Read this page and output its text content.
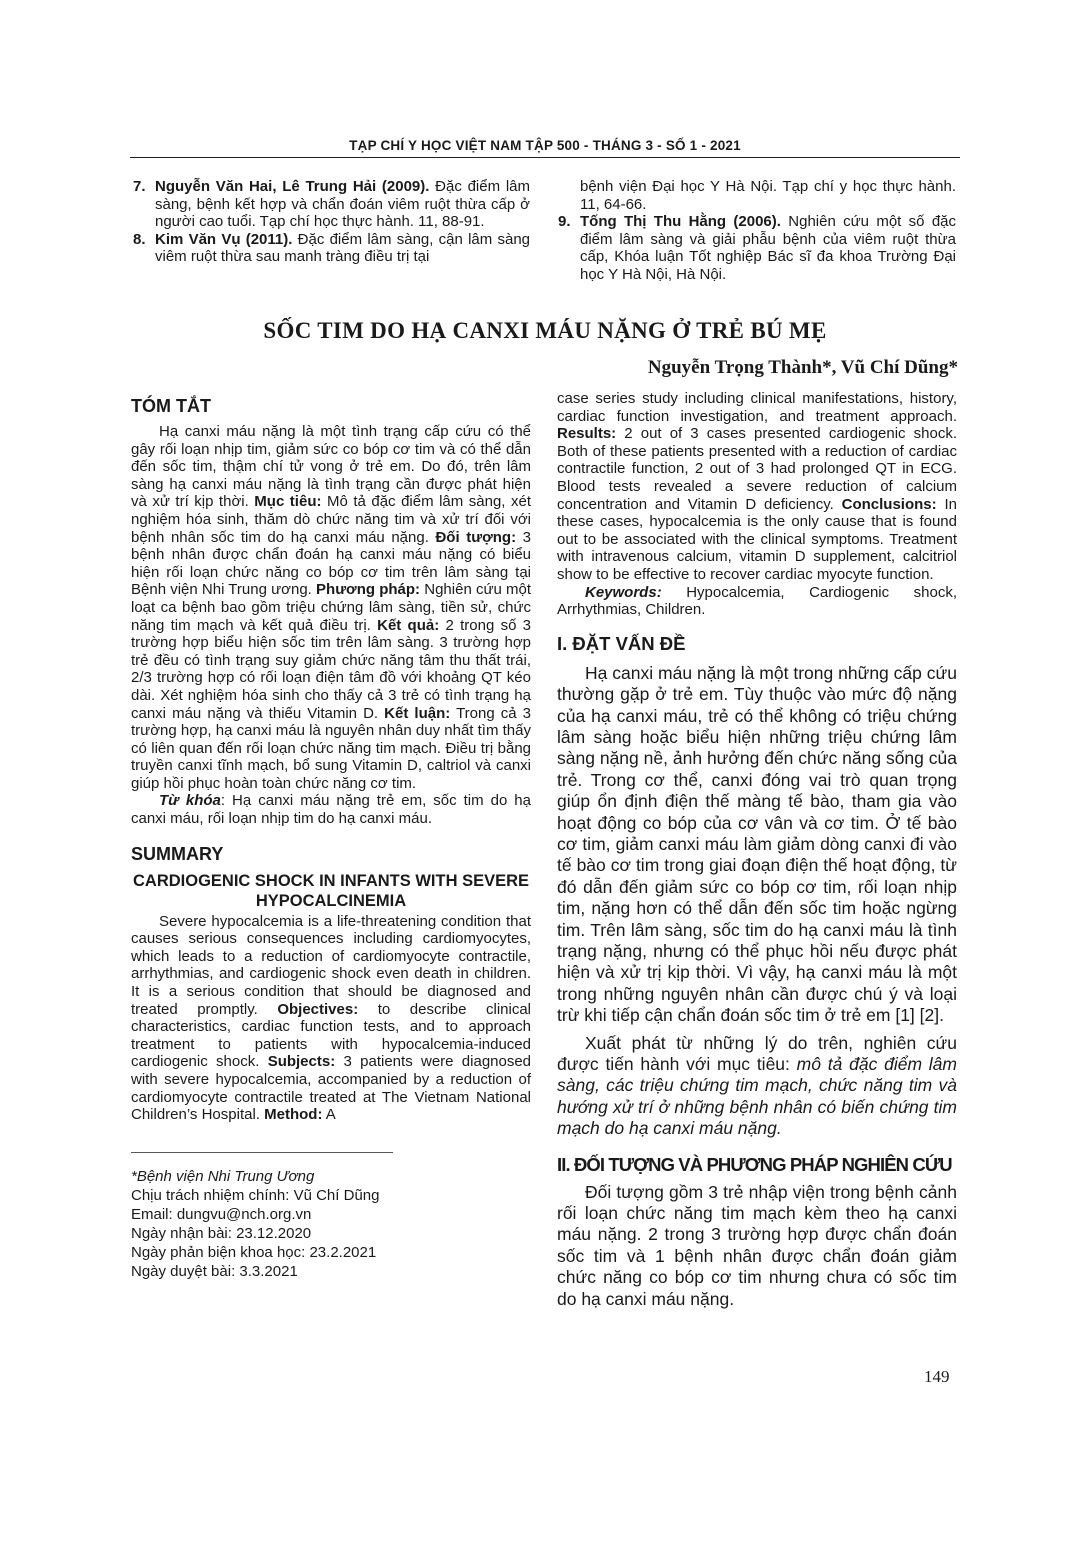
TẠP CHÍ Y HỌC VIỆT NAM TẬP 500 - THÁNG 3 - SỐ 1 - 2021
7. Nguyễn Văn Hai, Lê Trung Hải (2009). Đặc điểm lâm sàng, bệnh kết hợp và chẩn đoán viêm ruột thừa cấp ở người cao tuổi. Tạp chí học thực hành. 11, 88-91.
8. Kim Văn Vụ (2011). Đặc điểm lâm sàng, cận lâm sàng viêm ruột thừa sau manh tràng điều trị tại
bệnh viện Đại học Y Hà Nội. Tạp chí y học thực hành. 11, 64-66.
9. Tống Thị Thu Hằng (2006). Nghiên cứu một số đặc điểm lâm sàng và giải phẫu bệnh của viêm ruột thừa cấp, Khóa luận Tốt nghiệp Bác sĩ đa khoa Trường Đại học Y Hà Nội, Hà Nội.
SỐC TIM DO HẠ CANXI MÁU NẶNG Ở TRẺ BÚ MẸ
Nguyễn Trọng Thành*, Vũ Chí Dũng*
TÓM TẮT

Hạ canxi máu nặng là một tình trạng cấp cứu có thể gây rối loạn nhịp tim, giảm sức co bóp cơ tim và có thể dẫn đến sốc tim, thậm chí tử vong ở trẻ em. Do đó, trên lâm sàng hạ canxi máu nặng là tình trạng cần được phát hiện và xử trí kịp thời. Mục tiêu: Mô tả đặc điểm lâm sàng, xét nghiệm hóa sinh, thăm dò chức năng tim và xử trí đối với bệnh nhân sốc tim do hạ canxi máu nặng. Đối tượng: 3 bệnh nhân được chẩn đoán hạ canxi máu nặng có biểu hiện rối loạn chức năng co bóp cơ tim trên lâm sàng tại Bệnh viện Nhi Trung ương. Phương pháp: Nghiên cứu một loạt ca bệnh bao gồm triệu chứng lâm sàng, tiền sử, chức năng tim mạch và kết quả điều trị. Kết quả: 2 trong số 3 trường hợp biểu hiện sốc tim trên lâm sàng. 3 trường hợp trẻ đều có tình trạng suy giảm chức năng tâm thu thất trái, 2/3 trường hợp có rối loạn điện tâm đồ với khoảng QT kéo dài. Xét nghiệm hóa sinh cho thấy cả 3 trẻ có tình trạng hạ canxi máu nặng và thiếu Vitamin D. Kết luận: Trong cả 3 trường hợp, hạ canxi máu là nguyên nhân duy nhất tìm thấy có liên quan đến rối loạn chức năng tim mạch. Điều trị bằng truyền canxi tĩnh mạch, bổ sung Vitamin D, caltriol và canxi giúp hồi phục hoàn toàn chức năng cơ tim.

Từ khóa: Hạ canxi máu nặng trẻ em, sốc tim do hạ canxi máu, rối loạn nhịp tim do hạ canxi máu.

SUMMARY
CARDIOGENIC SHOCK IN INFANTS WITH SEVERE HYPOCALCINEMIA

Severe hypocalcemia is a life-threatening condition that causes serious consequences including cardiomyocytes, which leads to a reduction of cardiomyocyte contractile, arrhythmias, and cardiogenic shock even death in children. It is a serious condition that should be diagnosed and treated promptly. Objectives: to describe clinical characteristics, cardiac function tests, and to approach treatment to patients with hypocalcemia-induced cardiogenic shock. Subjects: 3 patients were diagnosed with severe hypocalcemia, accompanied by a reduction of cardiomyocyte contractile treated at The Vietnam National Children’s Hospital. Method: A

*Bệnh viện Nhi Trung Ương

Chịu trách nhiệm chính: Vũ Chí Dũng

Email: dungvu@nch.org.vn

Ngày nhận bài: 23.12.2020

Ngày phản biện khoa học: 23.2.2021

Ngày duyệt bài: 3.3.2021

case series study including clinical manifestations, history, cardiac function investigation, and treatment approach. Results: 2 out of 3 cases presented cardiogenic shock. Both of these patients presented with a reduction of cardiac contractile function, 2 out of 3 had prolonged QT in ECG. Blood tests revealed a severe reduction of calcium concentration and Vitamin D deficiency. Conclusions: In these cases, hypocalcemia is the only cause that is found out to be associated with the clinical symptoms. Treatment with intravenous calcium, vitamin D supplement, calcitriol show to be effective to recover cardiac myocyte function.

Keywords: Hypocalcemia, Cardiogenic shock, Arrhythmias, Children.

I. ĐẶT VẤN ĐỀ

Hạ canxi máu nặng là một trong những cấp cứu thường gặp ở trẻ em. Tùy thuộc vào mức độ nặng của hạ canxi máu, trẻ có thể không có triệu chứng lâm sàng hoặc biểu hiện những triệu chứng lâm sàng nặng nề, ảnh hưởng đến chức năng sống của trẻ. Trong cơ thể, canxi đóng vai trò quan trọng giúp ổn định điện thế màng tế bào, tham gia vào hoạt động co bóp của cơ vân và cơ tim. Ở tế bào cơ tim, giảm canxi máu làm giảm dòng canxi đi vào tế bào cơ tim trong giai đoạn điện thế hoạt động, từ đó dẫn đến giảm sức co bóp cơ tim, rối loạn nhịp tim, nặng hơn có thể dẫn đến sốc tim hoặc ngừng tim. Trên lâm sàng, sốc tim do hạ canxi máu là tình trạng nặng, nhưng có thể phục hồi nếu được phát hiện và xử trị kịp thời. Vì vậy, hạ canxi máu là một trong những nguyên nhân cần được chú ý và loại trừ khi tiếp cận chẩn đoán sốc tim ở trẻ em [1] [2].

Xuất phát từ những lý do trên, nghiên cứu được tiến hành với mục tiêu: mô tả đặc điểm lâm sàng, các triệu chứng tim mạch, chức năng tim và hướng xử trí ở những bệnh nhân có biến chứng tim mạch do hạ canxi máu nặng.

II. ĐỐI TƯỢNG VÀ PHƯƠNG PHÁP NGHIÊN CỨU

Đối tượng gồm 3 trẻ nhập viện trong bệnh cảnh rối loạn chức năng tim mạch kèm theo hạ canxi máu nặng. 2 trong 3 trường hợp được chẩn đoán sốc tim và 1 bệnh nhân được chẩn đoán giảm chức năng co bóp cơ tim nhưng chưa có sốc tim do hạ canxi máu nặng.

149
